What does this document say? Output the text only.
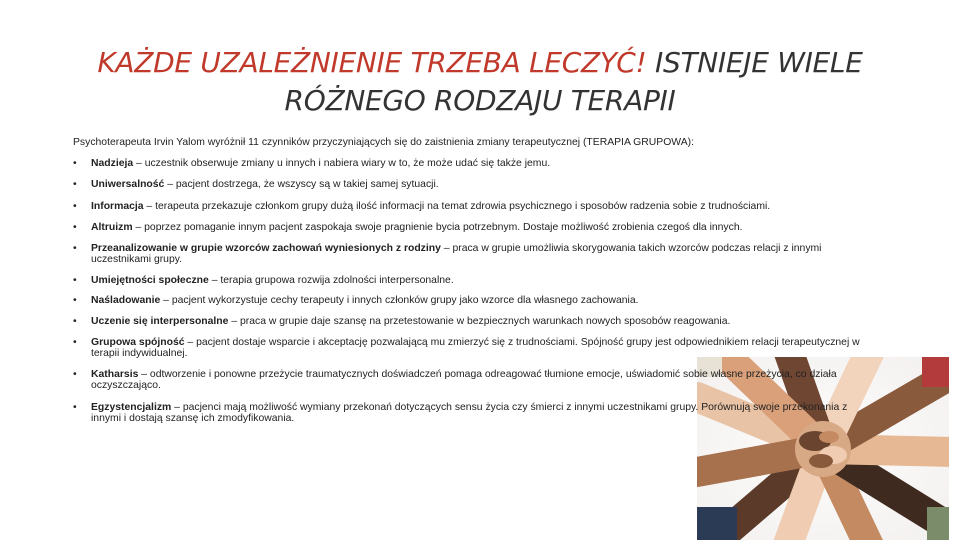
KAŻDE UZALEŻNIENIE TRZEBA LECZYĆ! ISTNIEJE WIELE
RÓŻNEGO RODZAJU TERAPII

Psychoterapeuta Irvin Yalom wyróżnił 11 czynników przyczyniających się do zaistnienia zmiany terapeutycznej (TERAPIA GRUPOWA):

•	Nadzieja – uczestnik obserwuje zmiany u innych i nabiera wiary w to, że może udać się także jemu.
•	Uniwersalność – pacjent dostrzega, że wszyscy są w takiej samej sytuacji.
•	Informacja – terapeuta przekazuje członkom grupy dużą ilość informacji na temat zdrowia psychicznego i sposobów radzenia sobie z trudnościami.
•	Altruizm – poprzez pomaganie innym pacjent zaspokaja swoje pragnienie bycia potrzebnym. Dostaje możliwość zrobienia czegoś dla innych.
•	Przeanalizowanie w grupie wzorców zachowań wyniesionych z rodziny – praca w grupie umożliwia skorygowania takich wzorców podczas relacji z innymi uczestnikami grupy.
•	Umiejętności społeczne – terapia grupowa rozwija zdolności interpersonalne.
•	Naśladowanie – pacjent wykorzystuje cechy terapeuty i innych członków grupy jako wzorce dla własnego zachowania.
•	Uczenie się interpersonalne – praca w grupie daje szansę na przetestowanie w bezpiecznych warunkach nowych sposobów reagowania.
•	Grupowa spójność – pacjent dostaje wsparcie i akceptację pozwalającą mu zmierzyć się z trudnościami. Spójność grupy jest odpowiednikiem relacji terapeutycznej w terapii indywidualnej.
•	Katharsis – odtworzenie i ponowne przeżycie traumatycznych doświadczeń pomaga odreagować tłumione emocje, uświadomić sobie własne przeżycia, co działa oczyszczająco.
•	Egzystencjalizm – pacjenci mają możliwość wymiany przekonań dotyczących sensu życia czy śmierci z innymi uczestnikami grupy. Porównują swoje przekonania z innymi i dostają szansę ich zmodyfikowania.
